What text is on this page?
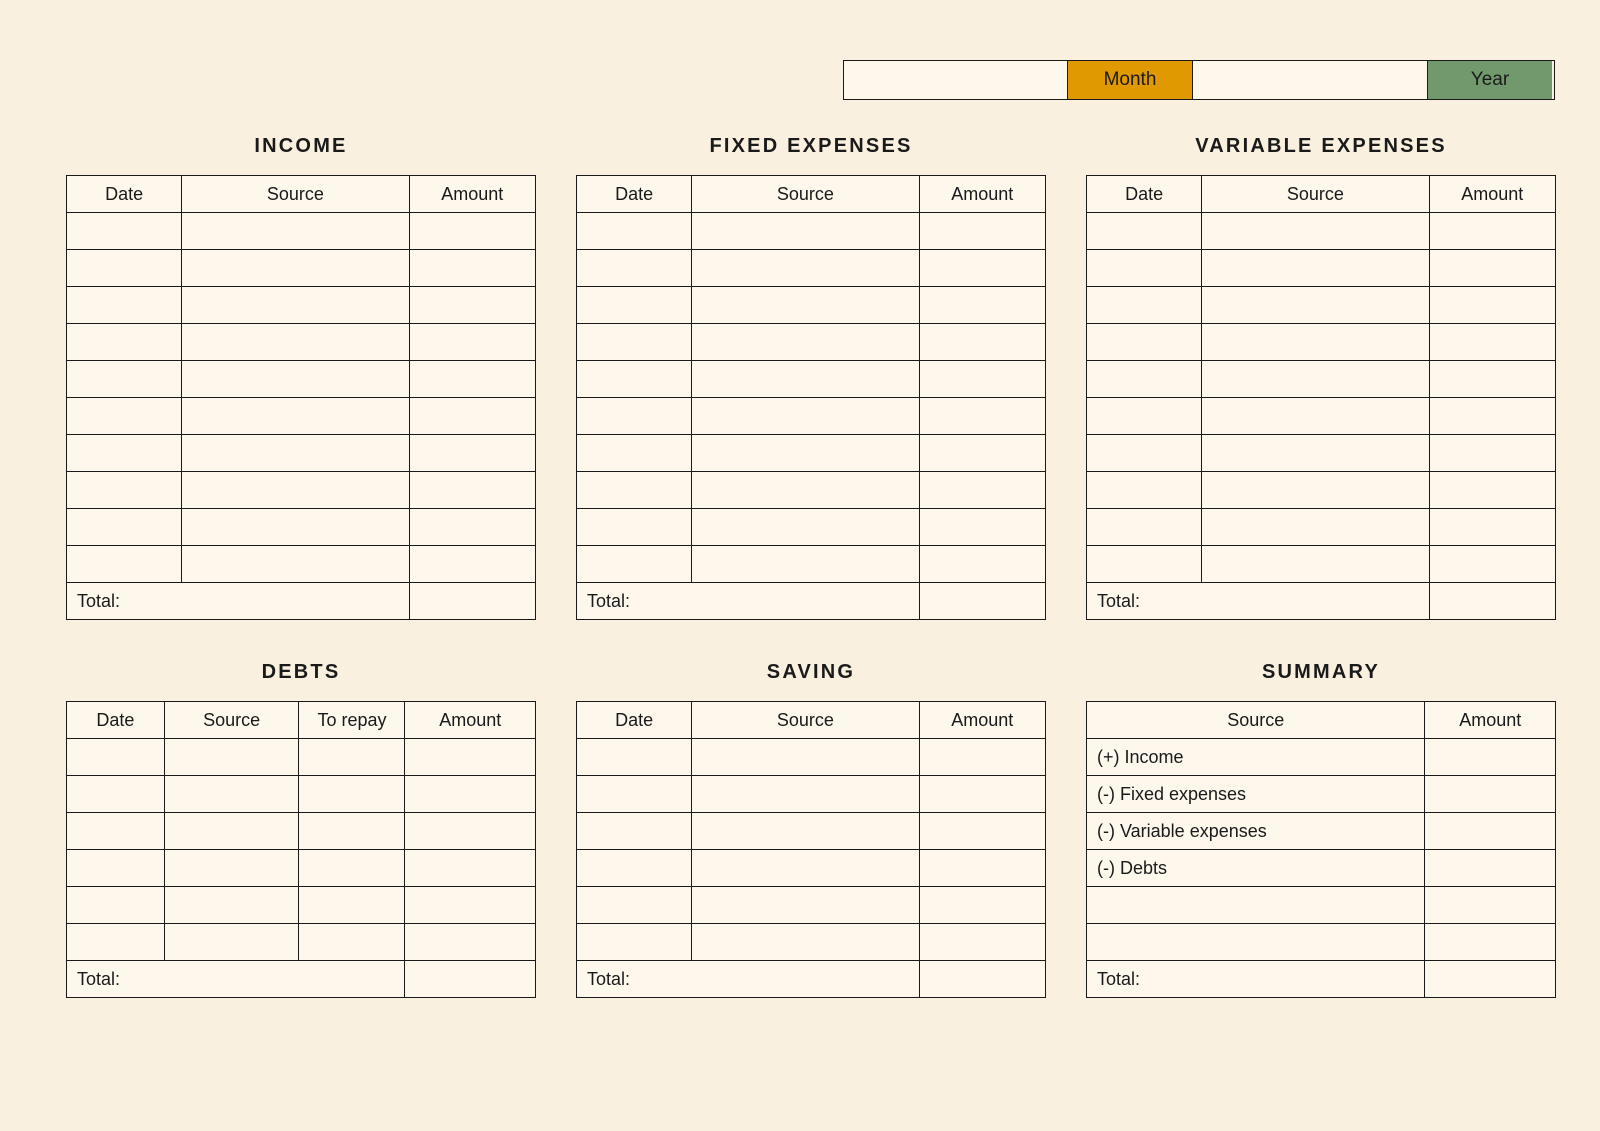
Month	Year
INCOME
Date	Source	Amount

Total:		
FIXED EXPENSES
Date	Source	Amount

Total:		
VARIABLE EXPENSES
Date	Source	Amount

Total:		
DEBTS
Date	Source	To repay	Amount

Total:			
SAVING
Date	Source	Amount

Total:		
SUMMARY
Source	Amount
(+) Income	
(-) Fixed expenses	
(-) Variable expenses	
(-) Debts	

Total:	
